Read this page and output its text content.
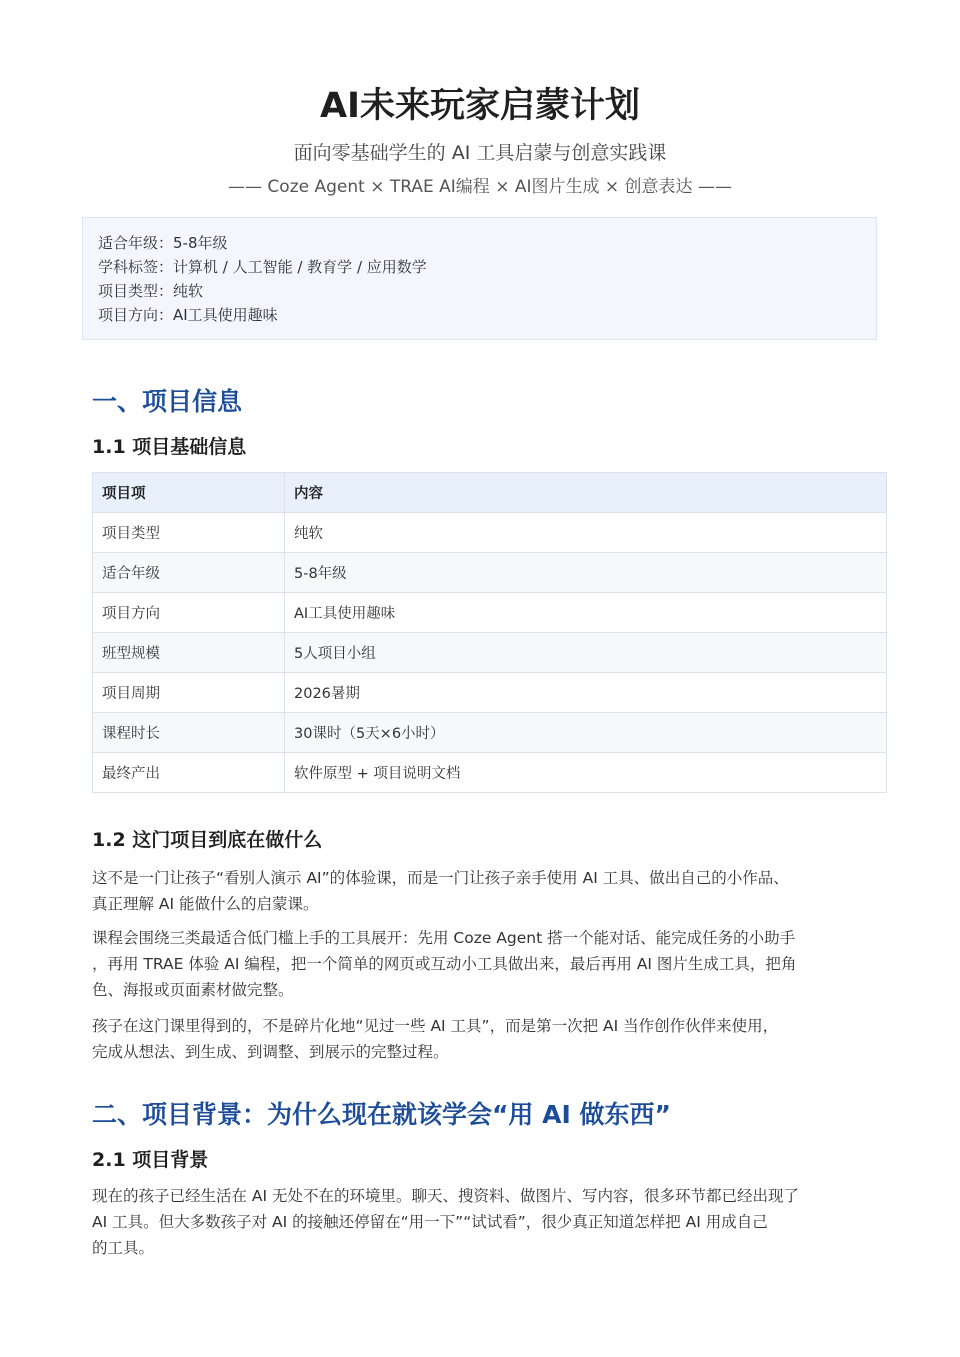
AI未来玩家启蒙计划
面向零基础学生的 AI 工具启蒙与创意实践课
—— Coze Agent × TRAE AI编程 × AI图片生成 × 创意表达 ——
适合年级：5-8年级
学科标签：计算机 / 人工智能 / 教育学 / 应用数学
项目类型：纯软
项目方向：AI工具使用趣味
一、项目信息
1.1 项目基础信息
项目项	内容
项目类型	纯软
适合年级	5-8年级
项目方向	AI工具使用趣味
班型规模	5人项目小组
项目周期	2026暑期
课程时长	30课时（5天×6小时）
最终产出	软件原型 + 项目说明文档
1.2 这门项目到底在做什么

这不是一门让孩子“看别人演示 AI”的体验课，而是一门让孩子亲手使用 AI 工具、做出自己的小作品、
真正理解 AI 能做什么的启蒙课。

课程会围绕三类最适合低门槛上手的工具展开：先用 Coze Agent 搭一个能对话、能完成任务的小助手
，再用 TRAE 体验 AI 编程，把一个简单的网页或互动小工具做出来，最后再用 AI 图片生成工具，把角
色、海报或页面素材做完整。

孩子在这门课里得到的，不是碎片化地“见过一些 AI 工具”，而是第一次把 AI 当作创作伙伴来使用，
完成从想法、到生成、到调整、到展示的完整过程。

二、项目背景：为什么现在就该学会“用 AI 做东西”
2.1 项目背景

现在的孩子已经生活在 AI 无处不在的环境里。聊天、搜资料、做图片、写内容，很多环节都已经出现了
AI 工具。但大多数孩子对 AI 的接触还停留在“用一下”“试试看”，很少真正知道怎样把 AI 用成自己
的工具。
